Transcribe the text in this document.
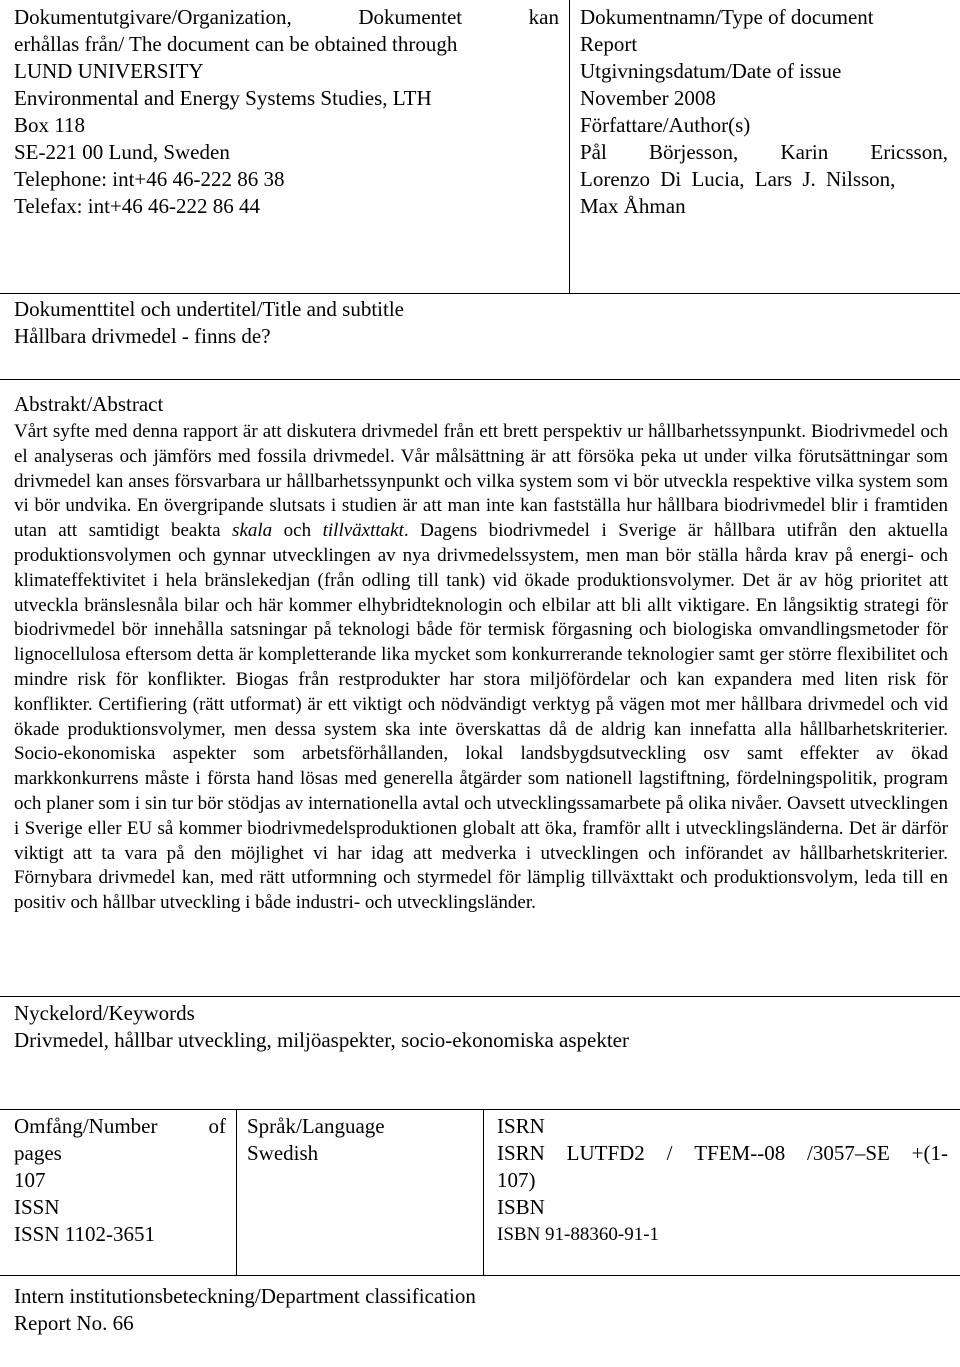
Dokumentutgivare/Organization,	Dokumentet	kan
erhållas från/ The document can be obtained through
LUND UNIVERSITY
Environmental and Energy Systems Studies, LTH
Box 118
SE-221 00 Lund, Sweden
Telephone: int+46 46-222 86 38
Telefax: int+46 46-222 86 44
Dokumentnamn/Type of document
Report
Utgivningsdatum/Date of issue
November 2008
Författare/Author(s)
Pål Börjesson, Karin Ericsson,
Lorenzo Di Lucia, Lars J. Nilsson,
Max Åhman
Dokumenttitel och undertitel/Title and subtitle
Hållbara drivmedel - finns de?
Abstrakt/Abstract
Vårt syfte med denna rapport är att diskutera drivmedel från ett brett perspektiv ur hållbarhetssynpunkt. Biodrivmedel och el analyseras och jämförs med fossila drivmedel. Vår målsättning är att försöka peka ut under vilka förutsättningar som drivmedel kan anses försvarbara ur hållbarhetssynpunkt och vilka system som vi bör utveckla respektive vilka system som vi bör undvika. En övergripande slutsats i studien är att man inte kan fastställa hur hållbara biodrivmedel blir i framtiden utan att samtidigt beakta skala och tillväxttakt. Dagens biodrivmedel i Sverige är hållbara utifrån den aktuella produktionsvolymen och gynnar utvecklingen av nya drivmedelssystem, men man bör ställa hårda krav på energi- och klimateffektivitet i hela bränslekedjan (från odling till tank) vid ökade produktionsvolymer. Det är av hög prioritet att utveckla bränslesnåla bilar och här kommer elhybridteknologin och elbilar att bli allt viktigare. En långsiktig strategi för biodrivmedel bör innehålla satsningar på teknologi både för termisk förgasning och biologiska omvandlingsmetoder för lignocellulosa eftersom detta är kompletterande lika mycket som konkurrerande teknologier samt ger större flexibilitet och mindre risk för konflikter. Biogas från restprodukter har stora miljöfördelar och kan expandera med liten risk för konflikter. Certifiering (rätt utformat) är ett viktigt och nödvändigt verktyg på vägen mot mer hållbara drivmedel och vid ökade produktionsvolymer, men dessa system ska inte överskattas då de aldrig kan innefatta alla hållbarhetskriterier. Socio-ekonomiska aspekter som arbetsförhållanden, lokal landsbygdsutveckling osv samt effekter av ökad markkonkurrens måste i första hand lösas med generella åtgärder som nationell lagstiftning, fördelningspolitik, program och planer som i sin tur bör stödjas av internationella avtal och utvecklingssamarbete på olika nivåer. Oavsett utvecklingen i Sverige eller EU så kommer biodrivmedelsproduktionen globalt att öka, framför allt i utvecklingsländerna. Det är därför viktigt att ta vara på den möjlighet vi har idag att medverka i utvecklingen och införandet av hållbarhetskriterier. Förnybara drivmedel kan, med rätt utformning och styrmedel för lämplig tillväxttakt och produktionsvolym, leda till en positiv och hållbar utveckling i både industri- och utvecklingsländer.
Nyckelord/Keywords
Drivmedel, hållbar utveckling, miljöaspekter, socio-ekonomiska aspekter
Omfång/Number of
pages
107
ISSN
ISSN 1102-3651
Språk/Language
Swedish
ISRN
ISRN LUTFD2 / TFEM--08 /3057–SE +(1-
107)
ISBN
ISBN 91-88360-91-1
Intern institutionsbeteckning/Department classification
Report No. 66
